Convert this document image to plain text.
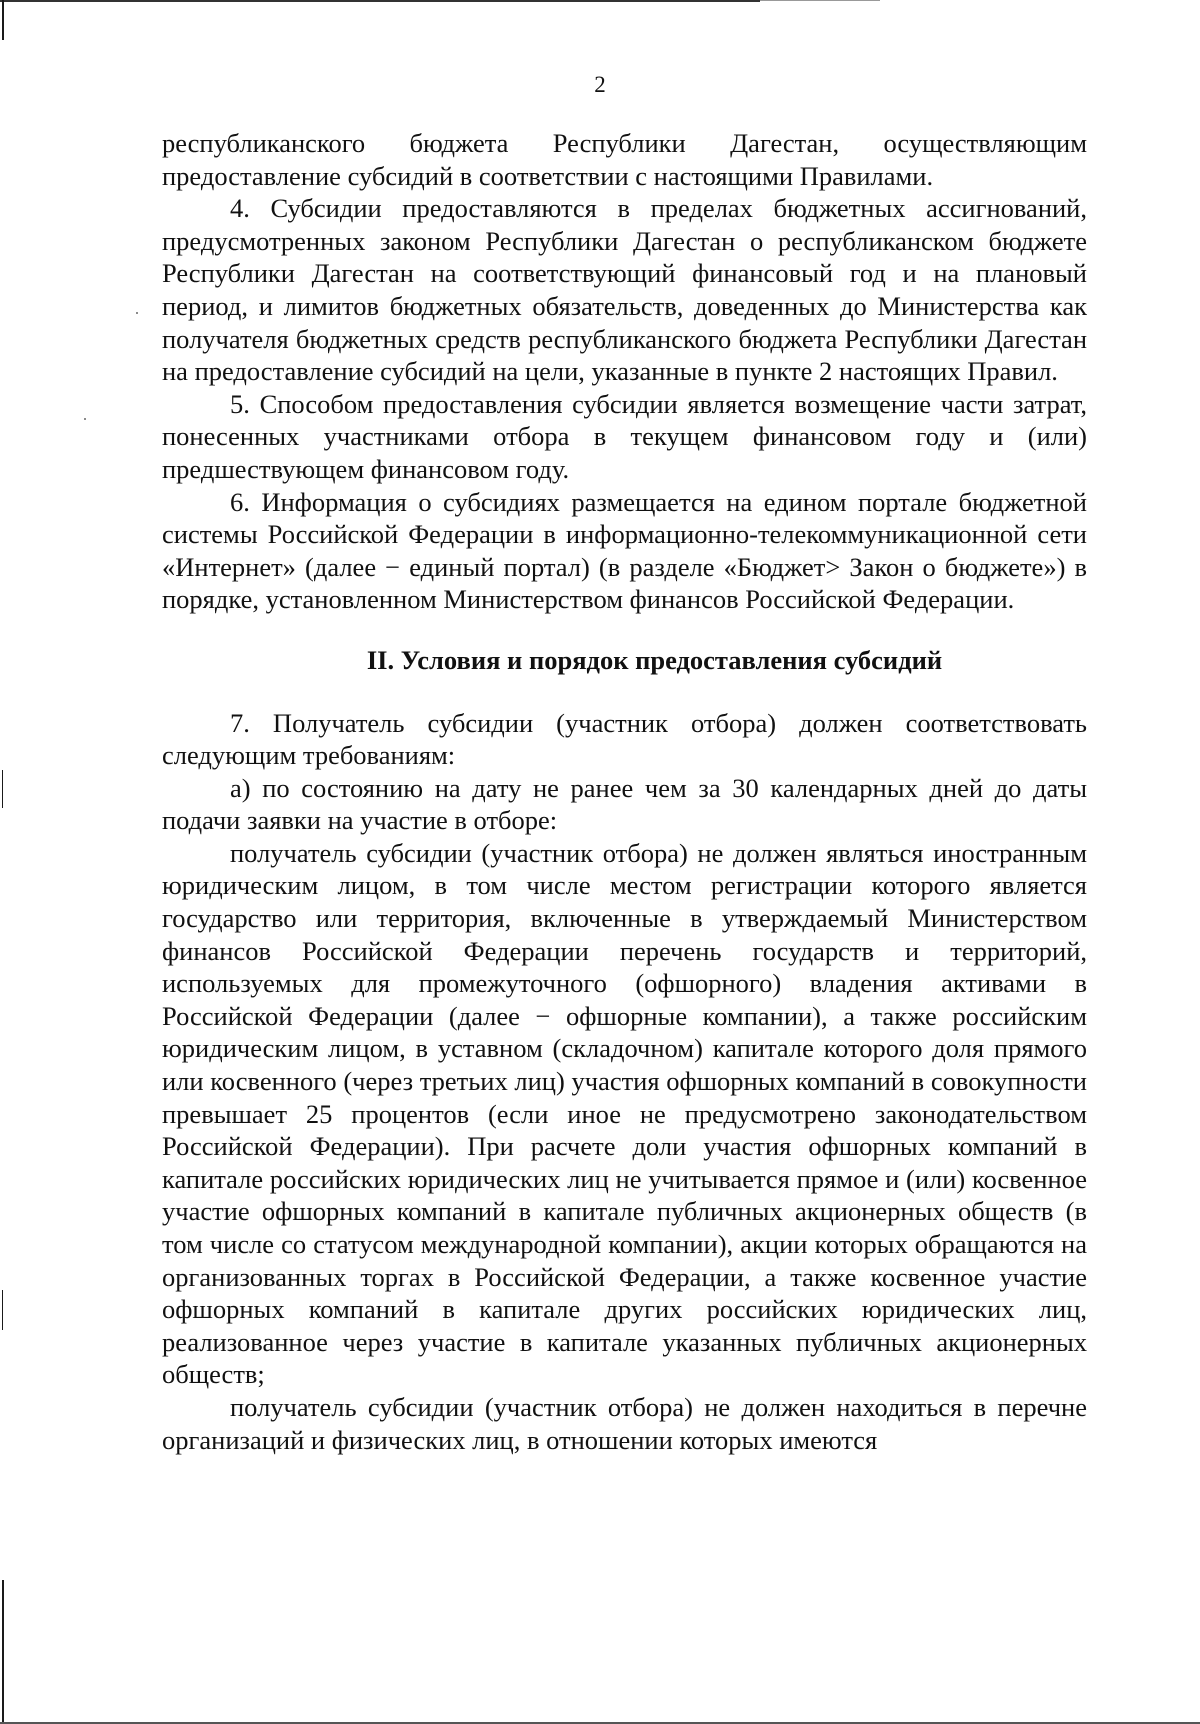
2

республиканского бюджета Республики Дагестан, осуществляющим предоставление субсидий в соответствии с настоящими Правилами.

4. Субсидии предоставляются в пределах бюджетных ассигнований, предусмотренных законом Республики Дагестан о республиканском бюджете Республики Дагестан на соответствующий финансовый год и на плановый период, и лимитов бюджетных обязательств, доведенных до Министерства как получателя бюджетных средств республиканского бюджета Республики Дагестан на предоставление субсидий на цели, указанные в пункте 2 настоящих Правил.

5. Способом предоставления субсидии является возмещение части затрат, понесенных участниками отбора в текущем финансовом году и (или) предшествующем финансовом году.

6. Информация о субсидиях размещается на едином портале бюджетной системы Российской Федерации в информационно-телекоммуникационной сети «Интернет» (далее − единый портал) (в разделе «Бюджет> Закон о бюджете») в порядке, установленном Министерством финансов Российской Федерации.

II. Условия и порядок предоставления субсидий

7. Получатель субсидии (участник отбора) должен соответствовать следующим требованиям:

а) по состоянию на дату не ранее чем за 30 календарных дней до даты подачи заявки на участие в отборе:

получатель субсидии (участник отбора) не должен являться иностранным юридическим лицом, в том числе местом регистрации которого является государство или территория, включенные в утверждаемый Министерством финансов Российской Федерации перечень государств и территорий, используемых для промежуточного (офшорного) владения активами в Российской Федерации (далее − офшорные компании), а также российским юридическим лицом, в уставном (складочном) капитале которого доля прямого или косвенного (через третьих лиц) участия офшорных компаний в совокупности превышает 25 процентов (если иное не предусмотрено законодательством Российской Федерации). При расчете доли участия офшорных компаний в капитале российских юридических лиц не учитывается прямое и (или) косвенное участие офшорных компаний в капитале публичных акционерных обществ (в том числе со статусом международной компании), акции которых обращаются на организованных торгах в Российской Федерации, а также косвенное участие офшорных компаний в капитале других российских юридических лиц, реализованное через участие в капитале указанных публичных акционерных обществ;

получатель субсидии (участник отбора) не должен находиться в перечне организаций и физических лиц, в отношении которых имеются
